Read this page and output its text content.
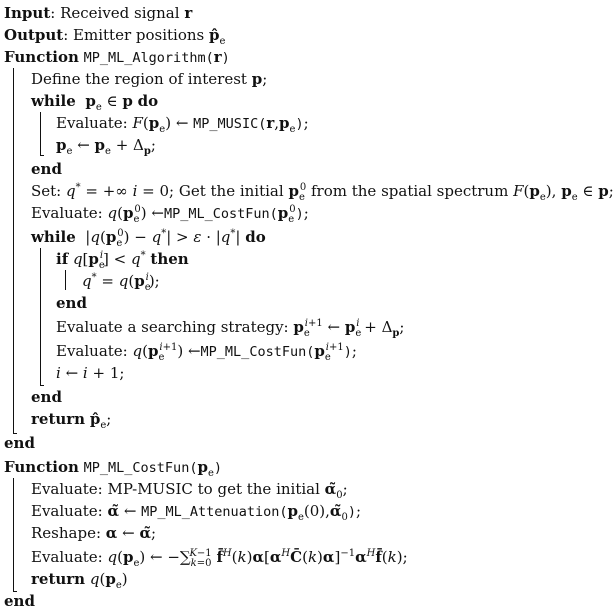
Input: Received signal r
Output: Emitter positions $p̂_e$
Function MP_ML_Algorithm(r)
Define the region of interest p;
while $p_e$ ∈ p do
Evaluate: $F(p_e)$ ← $MP\_MUSIC(r,p_e)$;
$p_e$ ← $p_e + \Delta_p$;
end
Set: q* = +∞ i = 0; Get the initial $p_e^0$ from the spatial spectrum $F(p_e)$, $p_e$ ∈ p;
Evaluate: $q(p_e^0)$ $\leftarrow MP\_ML\_CostFun(p_e^0)$;
while  $|q(p_e^0) - q^*| > \varepsilon \cdot |q^*|$ do
if $q[p_e^i] < q^*$ then
$q^* = q(p_e^i)$;
end
Evaluate a searching strategy: $p_e^{i+1}$ ← $p_e^i + \Delta_p$;
Evaluate: $q(p_e^{i+1})$ $\leftarrow MP\_ML\_CostFun(p_e^{i+1})$;
i ← i + 1;
end
return $p̂_e$;
end
Function $MP\_ML\_CostFun(p_e)$
Evaluate: MP-MUSIC to get the initial $\alphã_0$;
Evaluate: α̃ ← $MP\_ML\_Attenuation(p_e(0),\alphã_0)$;
Reshape: α ← α̃;
Evaluate: $q(p_e)$ ← $-\sum_{k=0}^{K-1}$ $f̄^H(k)\alpha[\alpha^HC̄(k)\alpha]^{-1}\alpha^Hf̄(k)$;
return $q(p_e)$
end
